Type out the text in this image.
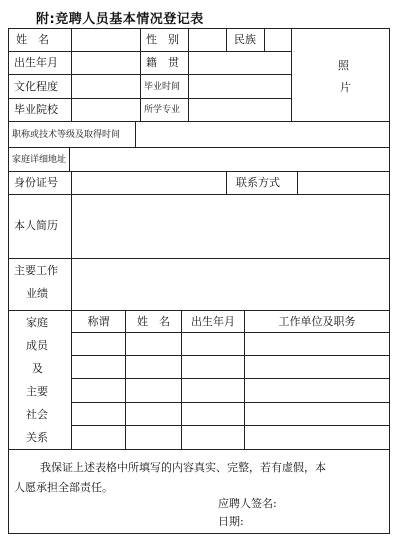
附:竞聘人员基本情况登记表
姓　名	性　别	民族
照
片
出生年月	籍　贯
文化程度	毕业时间
毕业院校	所学专业
职称或技术等级及取得时间
家庭详细地址
身份证号	联系方式
本人简历
主要工作
业绩
家庭
成员
及
主要
社会
关系
称谓	姓　名	出生年月	工作单位及职务
我保证上述表格中所填写的内容真实、完整，若有虚假，本
人愿承担全部责任。
应聘人签名:
日期:
